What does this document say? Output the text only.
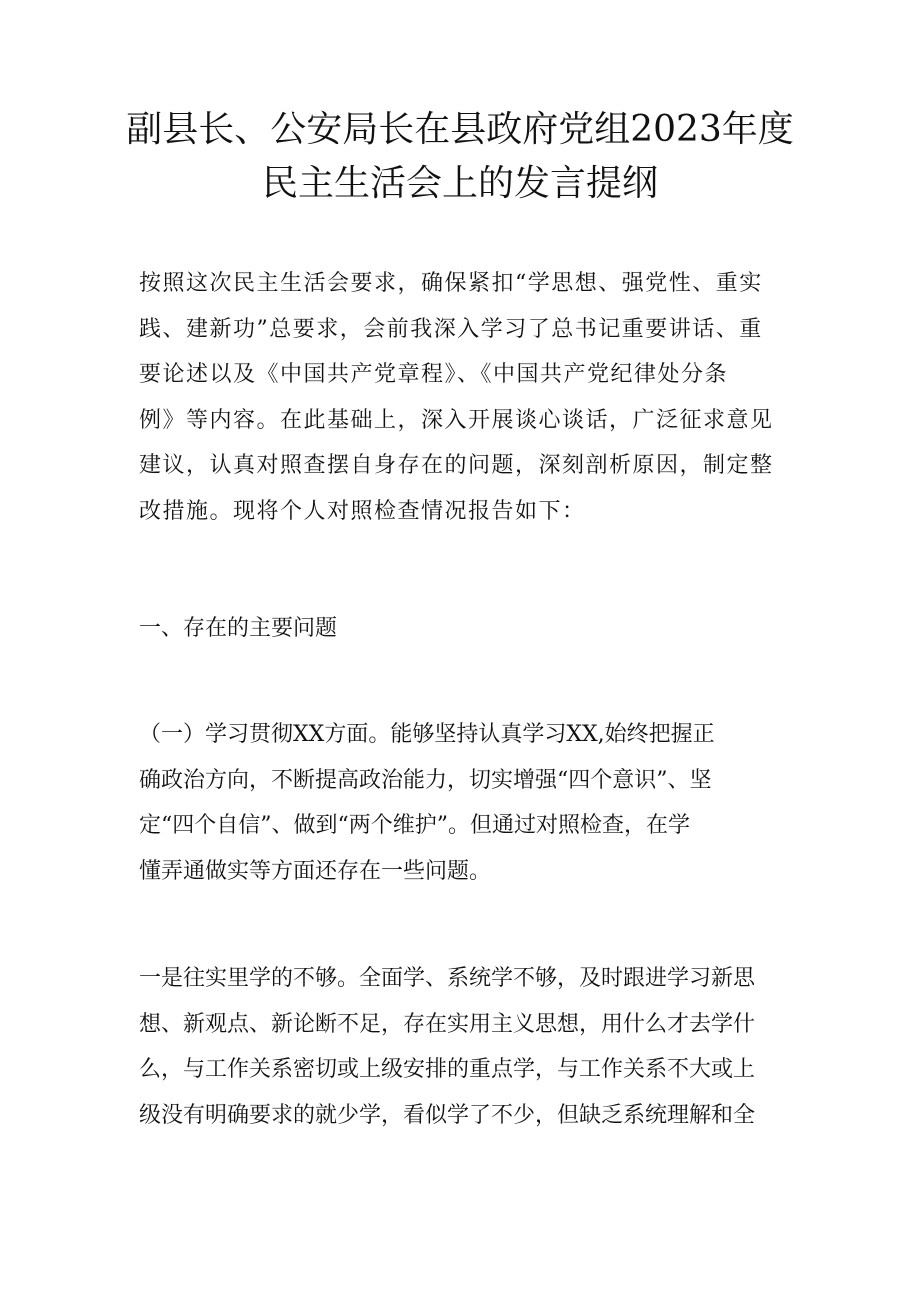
副县长、公安局长在县政府党组2023年度
民主生活会上的发言提纲
按照这次民主生活会要求，确保紧扣“学思想、强党性、重实
践、建新功”总要求，会前我深入学习了总书记重要讲话、重
要论述以及《中国共产党章程》、《中国共产党纪律处分条
例》等内容。在此基础上，深入开展谈心谈话，广泛征求意见
建议，认真对照查摆自身存在的问题，深刻剖析原因，制定整
改措施。现将个人对照检查情况报告如下：
一、存在的主要问题
（一）学习贯彻XX方面。能够坚持认真学习XX,始终把握正
确政治方向，不断提高政治能力，切实增强“四个意识”、坚
定“四个自信”、做到“两个维护”。但通过对照检查，在学
懂弄通做实等方面还存在一些问题。
一是往实里学的不够。全面学、系统学不够，及时跟进学习新思
想、新观点、新论断不足，存在实用主义思想，用什么才去学什
么，与工作关系密切或上级安排的重点学，与工作关系不大或上
级没有明确要求的就少学，看似学了不少，但缺乏系统理解和全
